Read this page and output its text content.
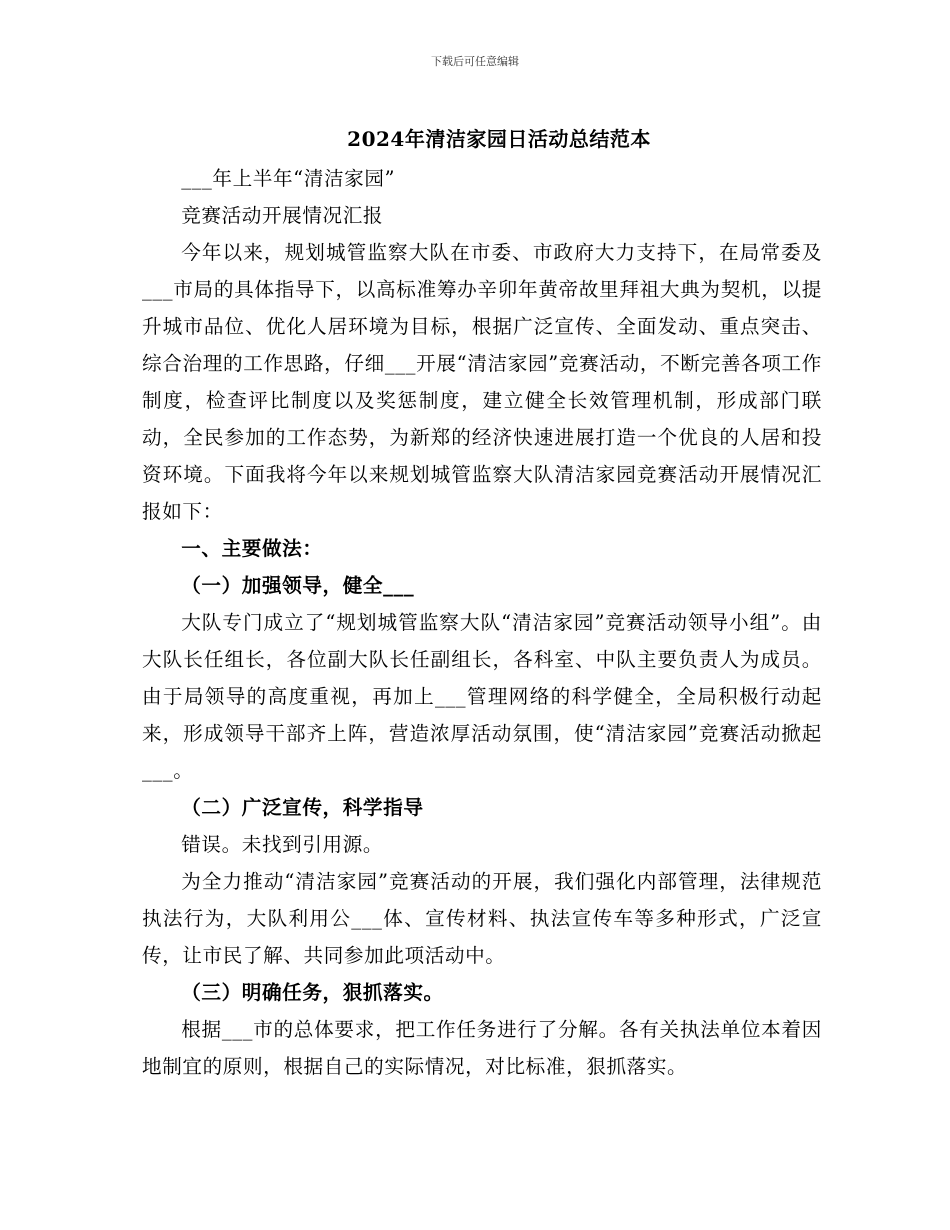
下载后可任意编辑
2024年清洁家园日活动总结范本

___年上半年“清洁家园”

竞赛活动开展情况汇报

今年以来，规划城管监察大队在市委、市政府大力支持下，在局常委及___市局的具体指导下，以高标准筹办辛卯年黄帝故里拜祖大典为契机，以提升城市品位、优化人居环境为目标，根据广泛宣传、全面发动、重点突击、综合治理的工作思路，仔细___开展“清洁家园”竞赛活动，不断完善各项工作制度，检查评比制度以及奖惩制度，建立健全长效管理机制，形成部门联动，全民参加的工作态势，为新郑的经济快速进展打造一个优良的人居和投资环境。下面我将今年以来规划城管监察大队清洁家园竞赛活动开展情况汇报如下：

一、主要做法：

（一）加强领导，健全___

大队专门成立了“规划城管监察大队“清洁家园”竞赛活动领导小组”。由大队长任组长，各位副大队长任副组长，各科室、中队主要负责人为成员。由于局领导的高度重视，再加上___管理网络的科学健全，全局积极行动起来，形成领导干部齐上阵，营造浓厚活动氛围，使“清洁家园”竞赛活动掀起___。

（二）广泛宣传，科学指导

错误。未找到引用源。

为全力推动“清洁家园”竞赛活动的开展，我们强化内部管理，法律规范执法行为，大队利用公___体、宣传材料、执法宣传车等多种形式，广泛宣传，让市民了解、共同参加此项活动中。

（三）明确任务，狠抓落实。

根据___市的总体要求，把工作任务进行了分解。各有关执法单位本着因地制宜的原则，根据自己的实际情况，对比标准，狠抓落实。
